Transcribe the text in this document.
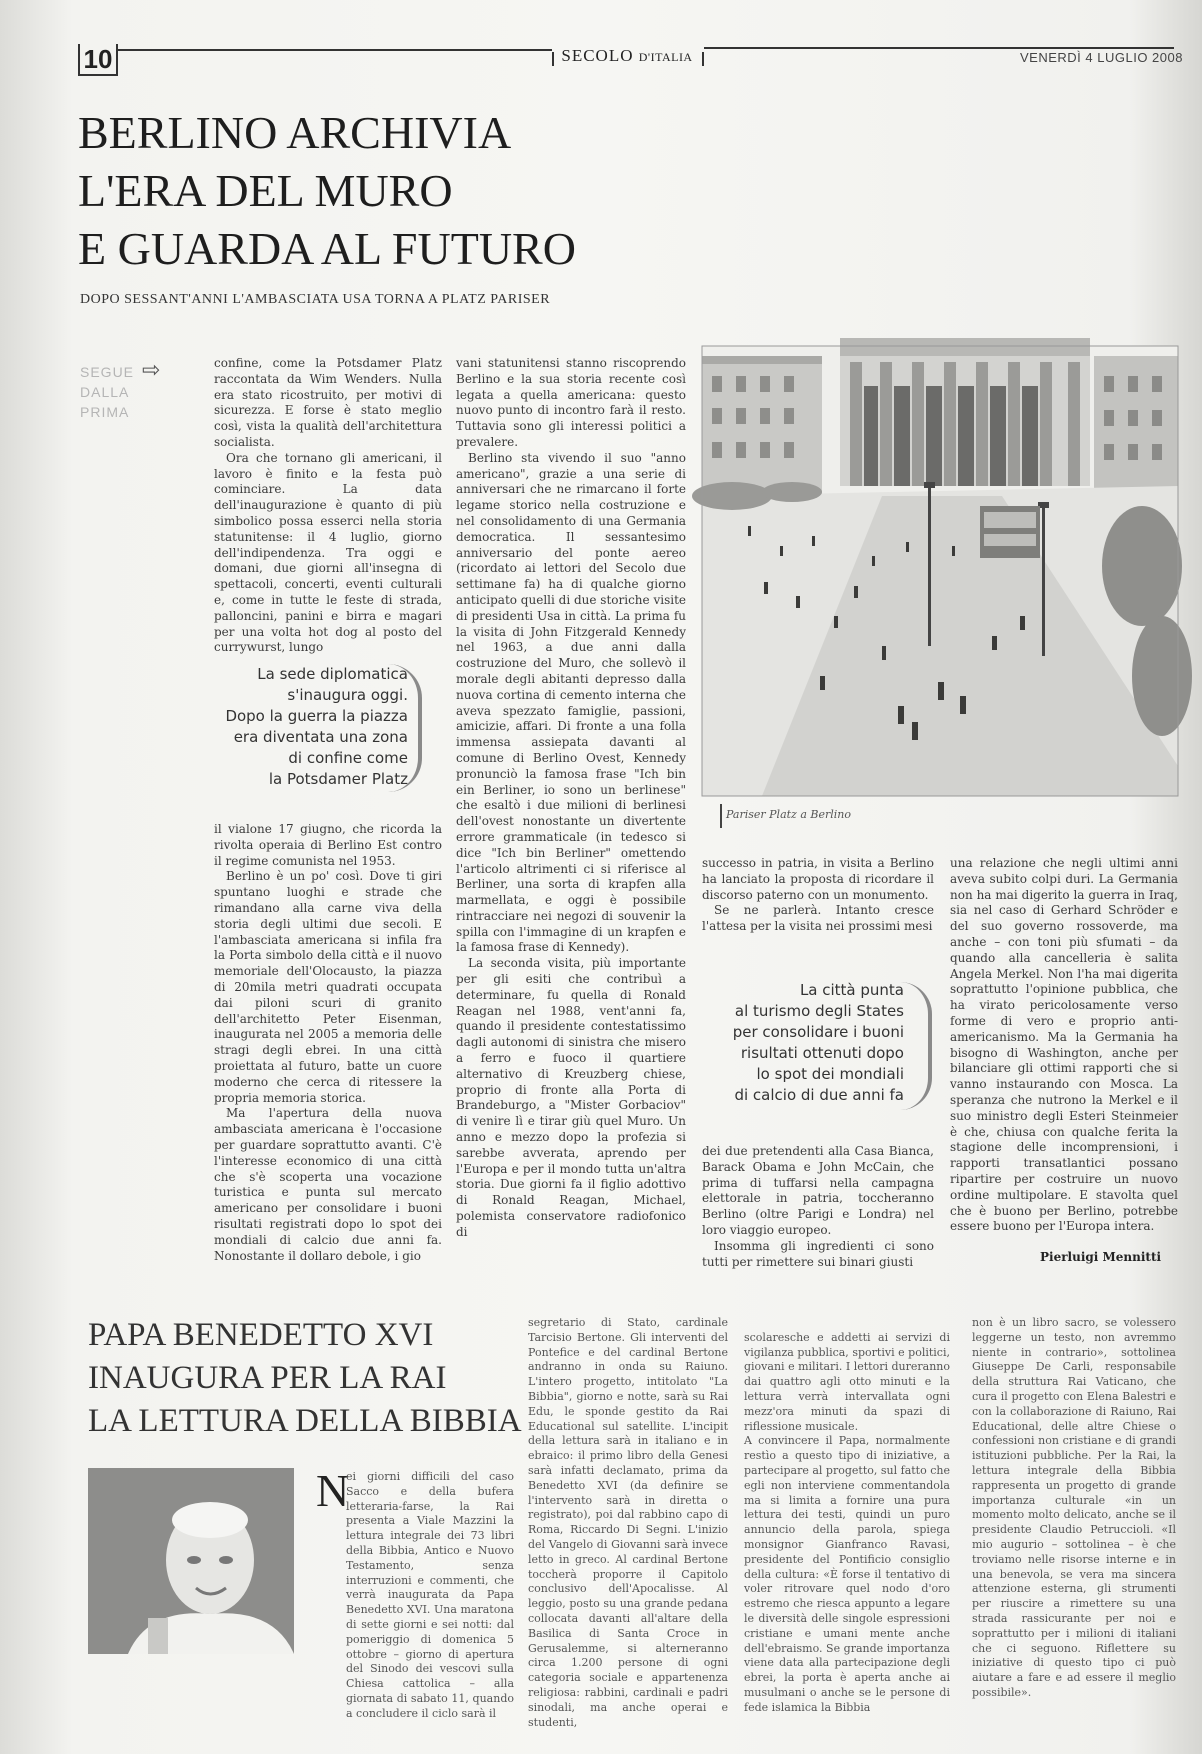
10	SECOLO D'ITALIA	VENERDÌ 4 LUGLIO 2008
BERLINO ARCHIVIA
L'ERA DEL MURO
E GUARDA AL FUTURO
DOPO SESSANT'ANNI L'AMBASCIATA USA TORNA A PLATZ PARISER
SEGUE
DALLA
PRIMA
⇨	confine, come la Potsdamer Platz raccontata da Wim Wenders. Nulla era stato ricostruito, per motivi di sicurezza. E forse è stato meglio così, vista la qualità dell'architettura socialista.

Ora che tornano gli americani, il lavoro è finito e la festa può cominciare. La data dell'inaugurazione è quanto di più simbolico possa esserci nella storia statunitense: il 4 luglio, giorno dell'indipendenza. Tra oggi e domani, due giorni all'insegna di spettacoli, concerti, eventi culturali e, come in tutte le feste di strada, palloncini, panini e birra e magari per una volta hot dog al posto del currywurst, lungo

La sede diplomatica
s'inaugura oggi.
Dopo la guerra la piazza
era diventata una zona
di confine come
la Potsdamer Platz

il vialone 17 giugno, che ricorda la rivolta operaia di Berlino Est contro il regime comunista nel 1953.

Berlino è un po' così. Dove ti giri spuntano luoghi e strade che rimandano alla carne viva della storia degli ultimi due secoli. E l'ambasciata americana si infila fra la Porta simbolo della città e il nuovo memoriale dell'Olocausto, la piazza di 20mila metri quadrati occupata dai piloni scuri di granito dell'architetto Peter Eisenman, inaugurata nel 2005 a memoria delle stragi degli ebrei. In una città proiettata al futuro, batte un cuore moderno che cerca di ritessere la propria memoria storica.

Ma l'apertura della nuova ambasciata americana è l'occasione per guardare soprattutto avanti. C'è l'interesse economico di una città che s'è scoperta una vocazione turistica e punta sul mercato americano per consolidare i buoni risultati registrati dopo lo spot dei mondiali di calcio due anni fa. Nonostante il dollaro debole, i gio

vani statunitensi stanno riscoprendo Berlino e la sua storia recente così legata a quella americana: questo nuovo punto di incontro farà il resto. Tuttavia sono gli interessi politici a prevalere.

Berlino sta vivendo il suo "anno americano", grazie a una serie di anniversari che ne rimarcano il forte legame storico nella costruzione e nel consolidamento di una Germania democratica. Il sessantesimo anniversario del ponte aereo (ricordato ai lettori del Secolo due settimane fa) ha di qualche giorno anticipato quelli di due storiche visite di presidenti Usa in città. La prima fu la visita di John Fitzgerald Kennedy nel 1963, a due anni dalla costruzione del Muro, che sollevò il morale degli abitanti depresso dalla nuova cortina di cemento interna che aveva spezzato famiglie, passioni, amicizie, affari. Di fronte a una folla immensa assiepata davanti al comune di Berlino Ovest, Kennedy pronunciò la famosa frase "Ich bin ein Berliner, io sono un berlinese" che esaltò i due milioni di berlinesi dell'ovest nonostante un divertente errore grammaticale (in tedesco si dice "Ich bin Berliner" omettendo l'articolo altrimenti ci si riferisce al Berliner, una sorta di krapfen alla marmellata, e oggi è possibile rintracciare nei negozi di souvenir la spilla con l'immagine di un krapfen e la famosa frase di Kennedy).

La seconda visita, più importante per gli esiti che contribuì a determinare, fu quella di Ronald Reagan nel 1988, vent'anni fa, quando il presidente contestatissimo dagli autonomi di sinistra che misero a ferro e fuoco il quartiere alternativo di Kreuzberg chiese, proprio di fronte alla Porta di Brandeburgo, a "Mister Gorbaciov" di venire lì e tirar giù quel Muro. Un anno e mezzo dopo la profezia si sarebbe avverata, aprendo per l'Europa e per il mondo tutta un'altra storia. Due giorni fa il figlio adottivo di Ronald Reagan, Michael, polemista conservatore radiofonico di

Pariser Platz a Berlino

successo in patria, in visita a Berlino ha lanciato la proposta di ricordare il discorso paterno con un monumento.

Se ne parlerà. Intanto cresce l'attesa per la visita nei prossimi mesi

La città punta
al turismo degli States
per consolidare i buoni
risultati ottenuti dopo
lo spot dei mondiali
di calcio di due anni fa

dei due pretendenti alla Casa Bianca, Barack Obama e John McCain, che prima di tuffarsi nella campagna elettorale in patria, toccheranno Berlino (oltre Parigi e Londra) nel loro viaggio europeo.

Insomma gli ingredienti ci sono tutti per rimettere sui binari giusti

una relazione che negli ultimi anni aveva subito colpi duri. La Germania non ha mai digerito la guerra in Iraq, sia nel caso di Gerhard Schröder e del suo governo rossoverde, ma anche – con toni più sfumati – da quando alla cancelleria è salita Angela Merkel. Non l'ha mai digerita soprattutto l'opinione pubblica, che ha virato pericolosamente verso forme di vero e proprio anti-americanismo. Ma la Germania ha bisogno di Washington, anche per bilanciare gli ottimi rapporti che si vanno instaurando con Mosca. La speranza che nutrono la Merkel e il suo ministro degli Esteri Steinmeier è che, chiusa con qualche ferita la stagione delle incomprensioni, i rapporti transatlantici possano ripartire per costruire un nuovo ordine multipolare. E stavolta quel che è buono per Berlino, potrebbe essere buono per l'Europa intera.

Pierluigi Mennitti
PAPA BENEDETTO XVI
INAUGURA PER LA RAI
LA LETTURA DELLA BIBBIA
N

ei giorni difficili del caso Sacco e della bufera letteraria-farse, la Rai presenta a Viale Mazzini la lettura integrale dei 73 libri della Bibbia, Antico e Nuovo Testamento, senza interruzioni e commenti, che verrà inaugurata da Papa Benedetto XVI. Una maratona di sette giorni e sei notti: dal pomeriggio di domenica 5 ottobre – giorno di apertura del Sinodo dei vescovi sulla Chiesa cattolica – alla giornata di sabato 11, quando a concludere il ciclo sarà il

segretario di Stato, cardinale Tarcisio Bertone. Gli interventi del Pontefice e del cardinal Bertone andranno in onda su Raiuno. L'intero progetto, intitolato "La Bibbia", giorno e notte, sarà su Rai Edu, le sponde gestito da Rai Educational sul satellite. L'incipit della lettura sarà in italiano e in ebraico: il primo libro della Genesi sarà infatti declamato, prima da Benedetto XVI (da definire se l'intervento sarà in diretta o registrato), poi dal rabbino capo di Roma, Riccardo Di Segni. L'inizio del Vangelo di Giovanni sarà invece letto in greco. Al cardinal Bertone toccherà proporre il Capitolo conclusivo dell'Apocalisse. Al leggio, posto su una grande pedana collocata davanti all'altare della Basilica di Santa Croce in Gerusalemme, si alterneranno circa 1.200 persone di ogni categoria sociale e appartenenza religiosa: rabbini, cardinali e padri sinodali, ma anche operai e studenti,

scolaresche e addetti ai servizi di vigilanza pubblica, sportivi e politici, giovani e militari. I lettori dureranno dai quattro agli otto minuti e la lettura verrà intervallata ogni mezz'ora minuti da spazi di riflessione musicale.
A convincere il Papa, normalmente restìo a questo tipo di iniziative, a partecipare al progetto, sul fatto che egli non interviene commentandola ma si limita a fornire una pura lettura dei testi, quindi un puro annuncio della parola, spiega monsignor Gianfranco Ravasi, presidente del Pontificio consiglio della cultura: «È forse il tentativo di voler ritrovare quel nodo d'oro estremo che riesca appunto a legare le diversità delle singole espressioni cristiane e umani mente anche dell'ebraismo. Se grande importanza viene data alla partecipazione degli ebrei, la porta è aperta anche ai musulmani o anche se le persone di fede islamica la Bibbia

non è un libro sacro, se volessero leggerne un testo, non avremmo niente in contrario», sottolinea Giuseppe De Carli, responsabile della struttura Rai Vaticano, che cura il progetto con Elena Balestri e con la collaborazione di Raiuno, Rai Educational, delle altre Chiese o confessioni non cristiane e di grandi istituzioni pubbliche. Per la Rai, la lettura integrale della Bibbia rappresenta un progetto di grande importanza culturale «in un momento molto delicato, anche se il presidente Claudio Petruccioli. «Il mio augurio – sottolinea – è che troviamo nelle risorse interne e in una benevola, se vera ma sincera attenzione esterna, gli strumenti per riuscire a rimettere su una strada rassicurante per noi e soprattutto per i milioni di italiani che ci seguono. Riflettere su iniziative di questo tipo ci può aiutare a fare e ad essere il meglio possibile».
